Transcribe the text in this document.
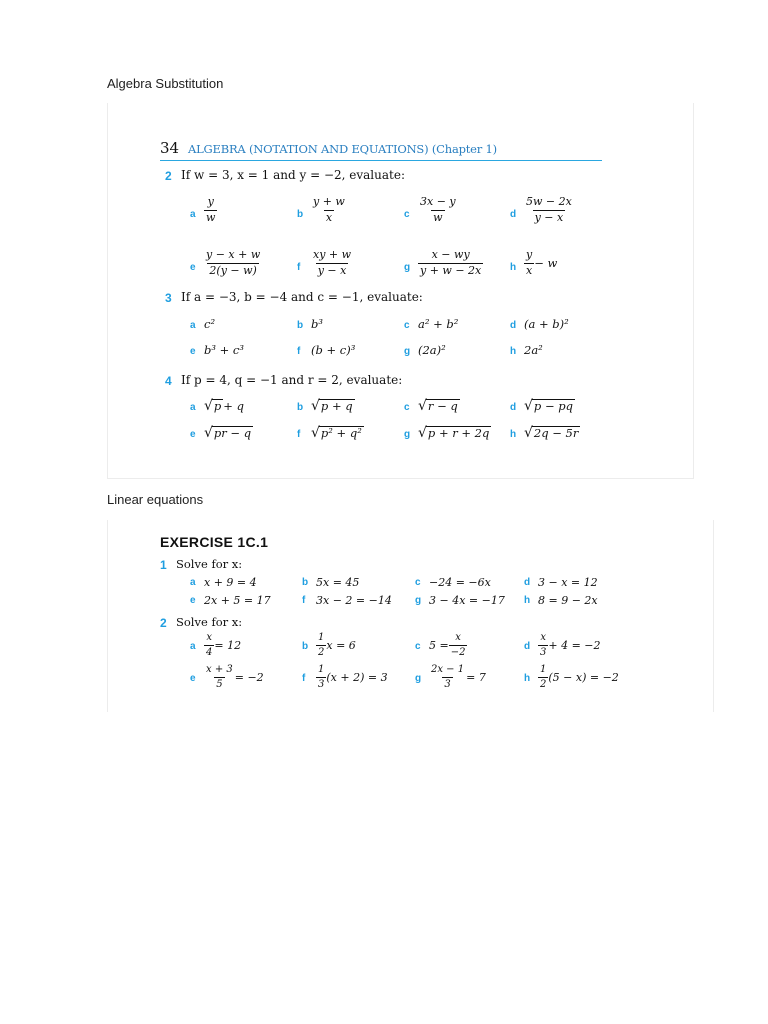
Algebra Substitution
34 ALGEBRA (NOTATION AND EQUATIONS) (Chapter 1)
2 If w = 3, x = 1 and y = −2, evaluate:
a $\frac{y}{w}$	b $\frac{y + w}{x}$	c $\frac{3x - y}{w}$	d $\frac{5w - 2x}{y - x}$
e $\frac{y - x + w}{2(y - w)}$	f $\frac{xy + w}{y - x}$	g $\frac{x - wy}{y + w - 2x}$	h $\frac{y}{x} - w$
3 If a = −3, b = −4 and c = −1, evaluate:
a c²	b b³	c a² + b²	d (a + b)²
e b³ + c³	f (b + c)³	g (2a)²	h 2a²
4 If p = 4, q = −1 and r = 2, evaluate:
a √ p + q	b √ p + q	c √ r − q	d √ p − pq
e √ pr − q	f √ p² + q²	g √ p + r + 2q h √ 2q − 5r
Linear equations
EXERCISE 1C.1
1 Solve for x:
a x + 9 = 4	b 5x = 45	c −24 = −6x	d 3 − x = 12
e 2x + 5 = 17	f 3x − 2 = −14 g 3 − 4x = −17 h 8 = 9 − 2x
2 Solve for x:
a $\frac{x}{4} = 12$	b $\frac{1}{2}$ x = 6	c $5 = \frac{x}{-2}$	d $\frac{x}{3} + 4 = -2$
e $\frac{x + 3}{5} = -2$	f $\frac{1}{3} (x + 2) = 3$	g $\frac{2x - 1}{3} = 7$	h $\frac{1}{2} (5 - x) = -2$
